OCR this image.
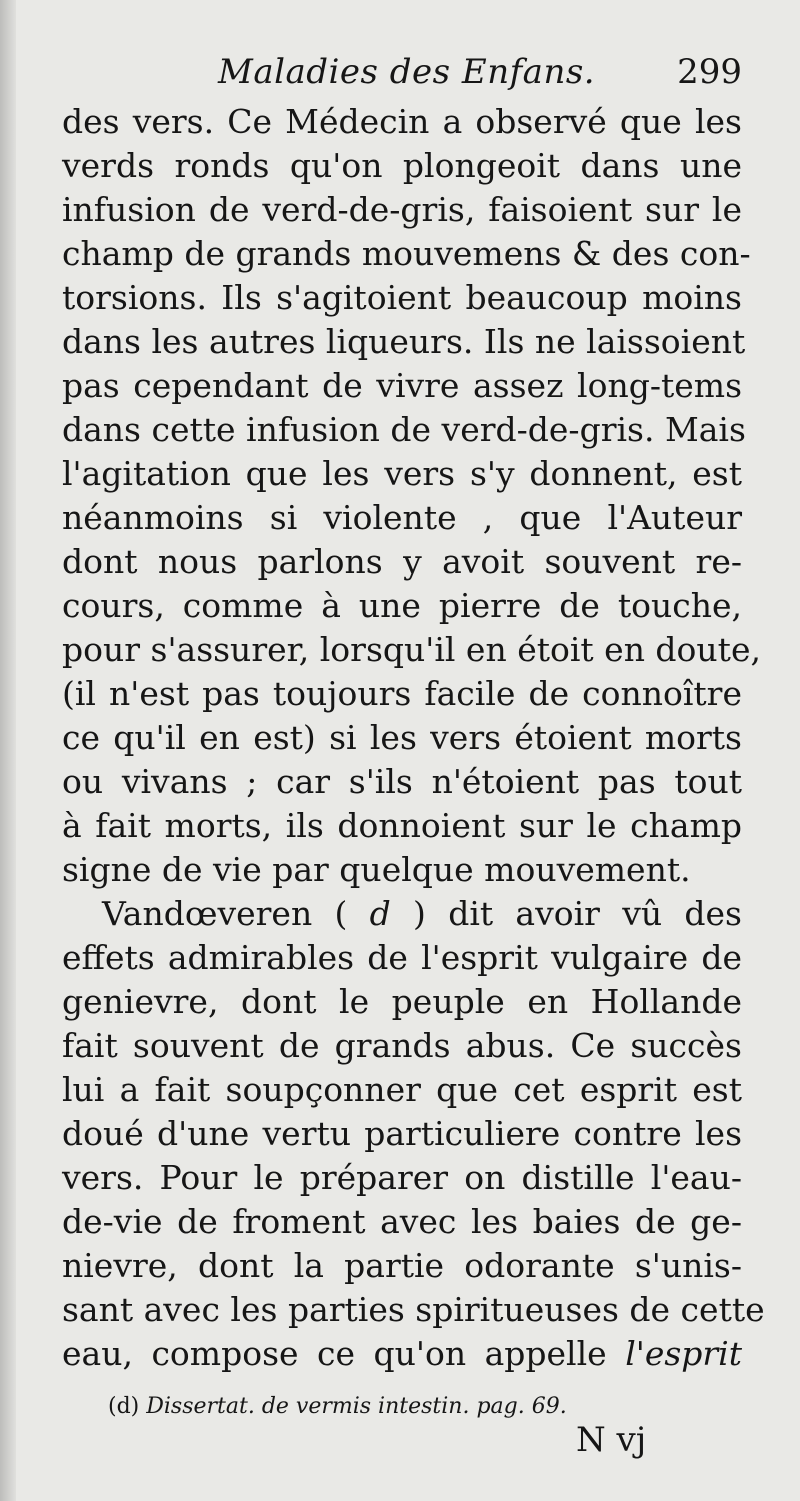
Maladies des Enfans. 299
des vers. Ce Médecin a observé que les
verds ronds qu'on plongeoit dans une
infusion de verd-de-gris, faisoient sur le
champ de grands mouvemens & des con-
torsions. Ils s'agitoient beaucoup moins
dans les autres liqueurs. Ils ne laissoient
pas cependant de vivre assez long-tems
dans cette infusion de verd-de-gris. Mais
l'agitation que les vers s'y donnent, est
néanmoins si violente , que l'Auteur
dont nous parlons y avoit souvent re-
cours, comme à une pierre de touche,
pour s'assurer, lorsqu'il en étoit en doute,
(il n'est pas toujours facile de connoître
ce qu'il en est) si les vers étoient morts
ou vivans ; car s'ils n'étoient pas tout
à fait morts, ils donnoient sur le champ
signe de vie par quelque mouvement.
Vandœveren ( d ) dit avoir vû des
effets admirables de l'esprit vulgaire de
genievre, dont le peuple en Hollande
fait souvent de grands abus. Ce succès
lui a fait soupçonner que cet esprit est
doué d'une vertu particuliere contre les
vers. Pour le préparer on distille l'eau-
de-vie de froment avec les baies de ge-
nievre, dont la partie odorante s'unis-
sant avec les parties spiritueuses de cette
eau, compose ce qu'on appelle l'esprit
(d) Dissertat. de vermis intestin. pag. 69.
N vj
